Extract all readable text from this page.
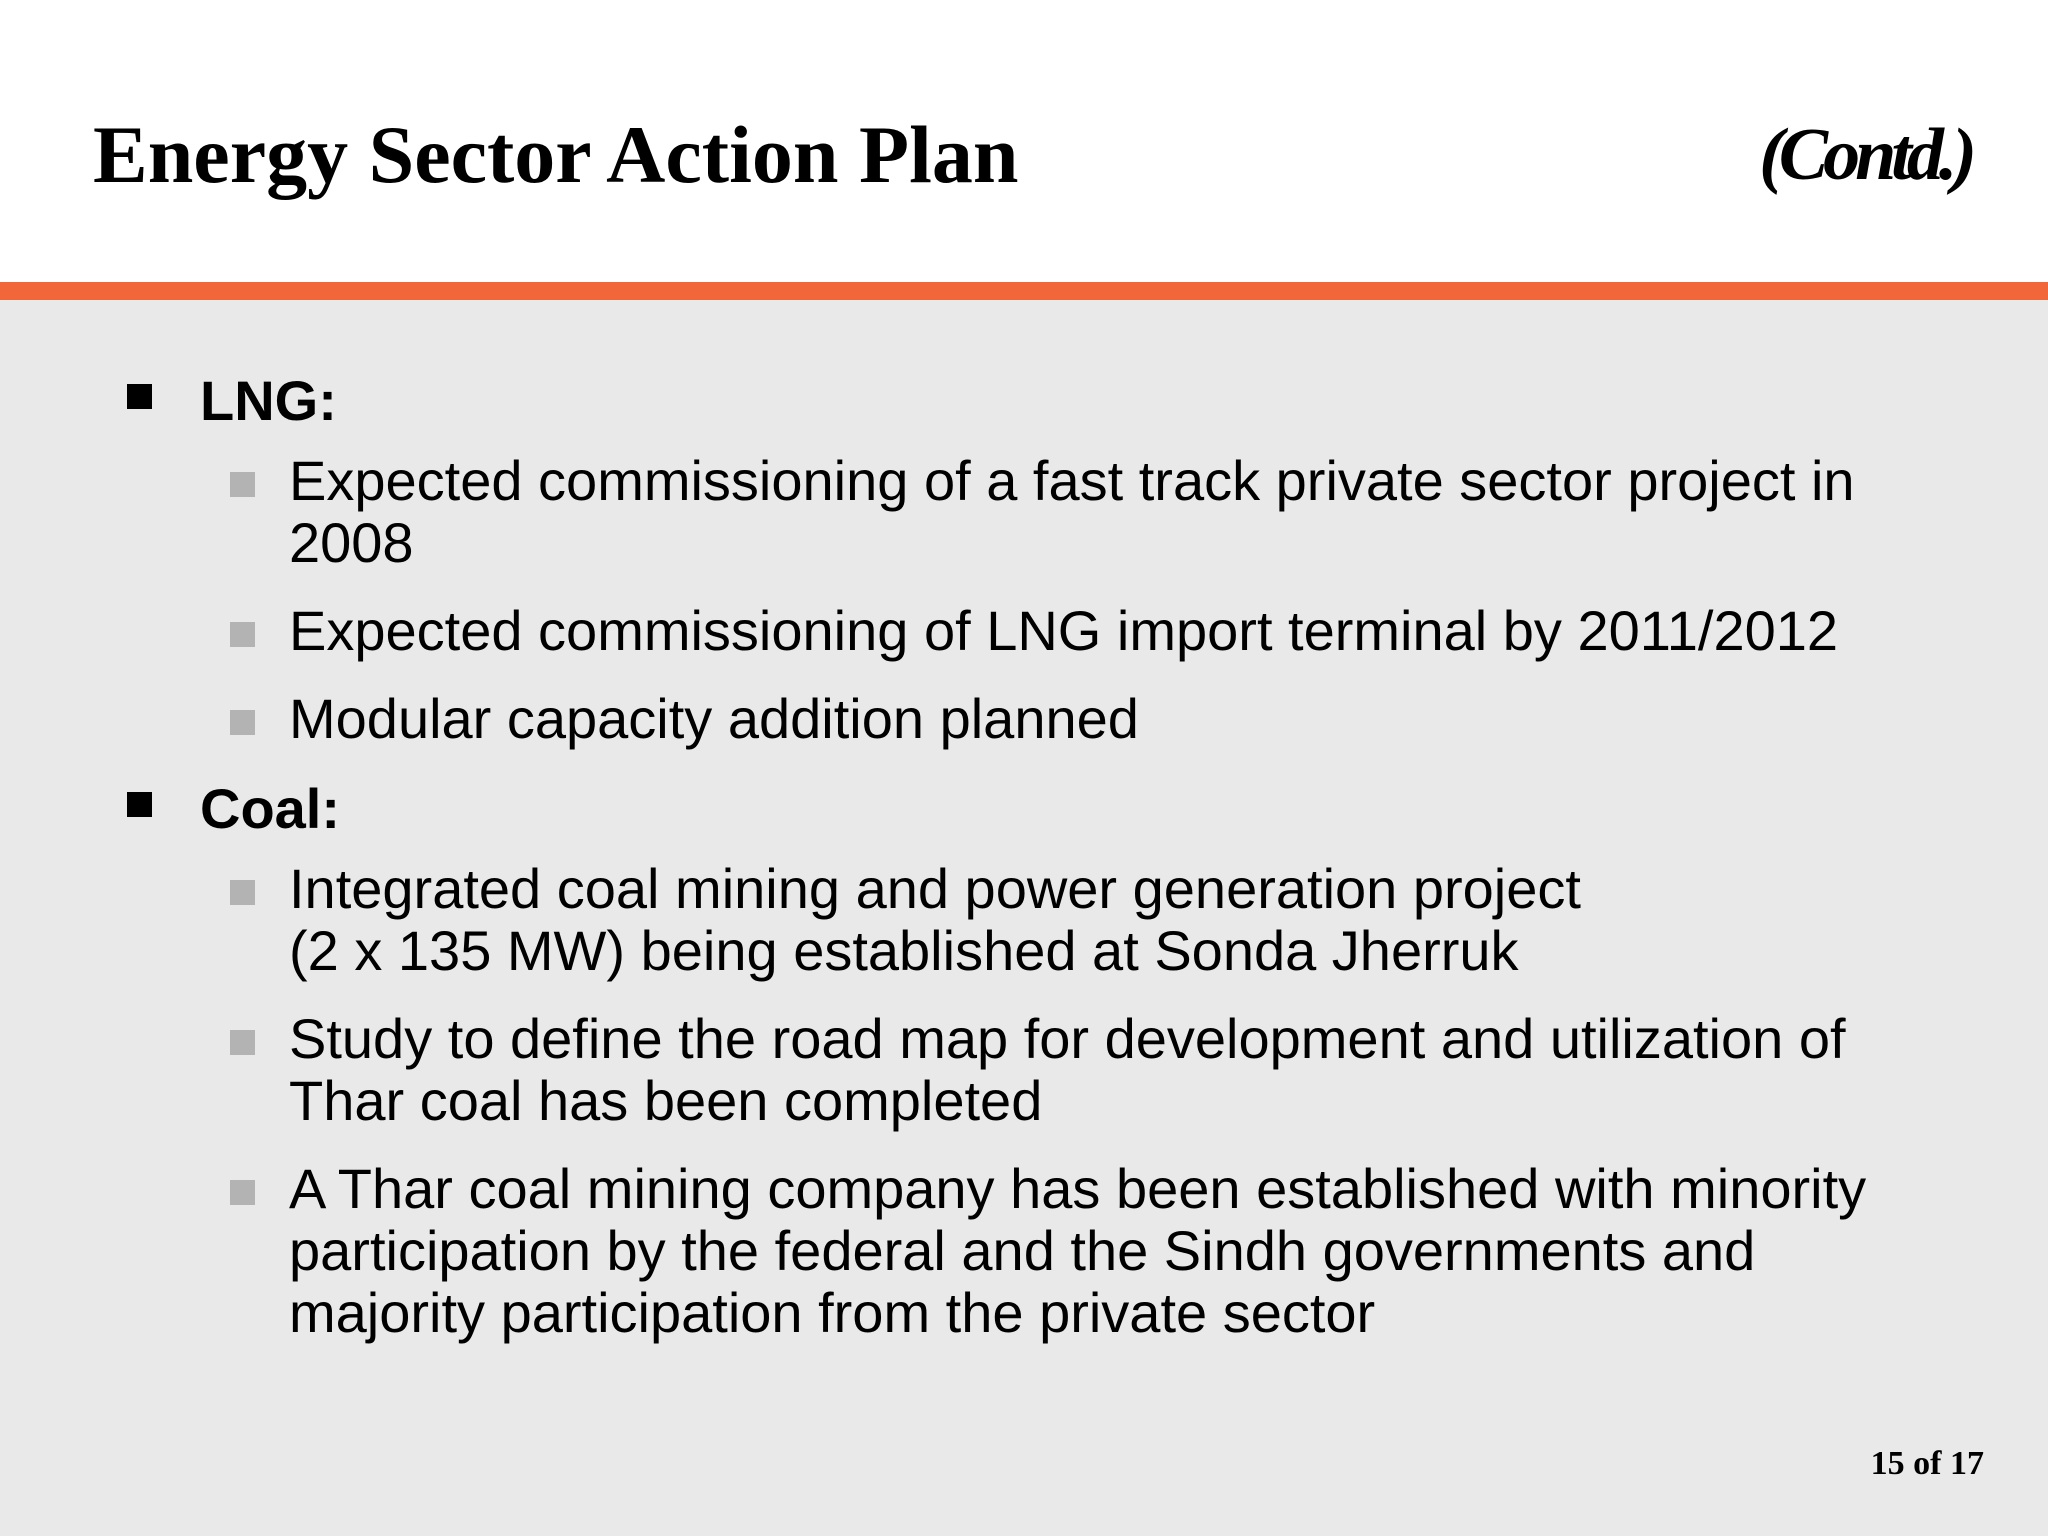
Energy Sector Action Plan	(Contd.)
LNG:
Expected commissioning of a fast track private sector project in 2008
Expected commissioning of LNG import terminal by 2011/2012
Modular capacity addition planned
Coal:
Integrated coal mining and power generation project
(2 x 135 MW) being established at Sonda Jherruk
Study to define the road map for development and utilization of Thar coal has been completed
A Thar coal mining company has been established with minority participation by the federal and the Sindh governments and majority participation from the private sector
15 of 17
